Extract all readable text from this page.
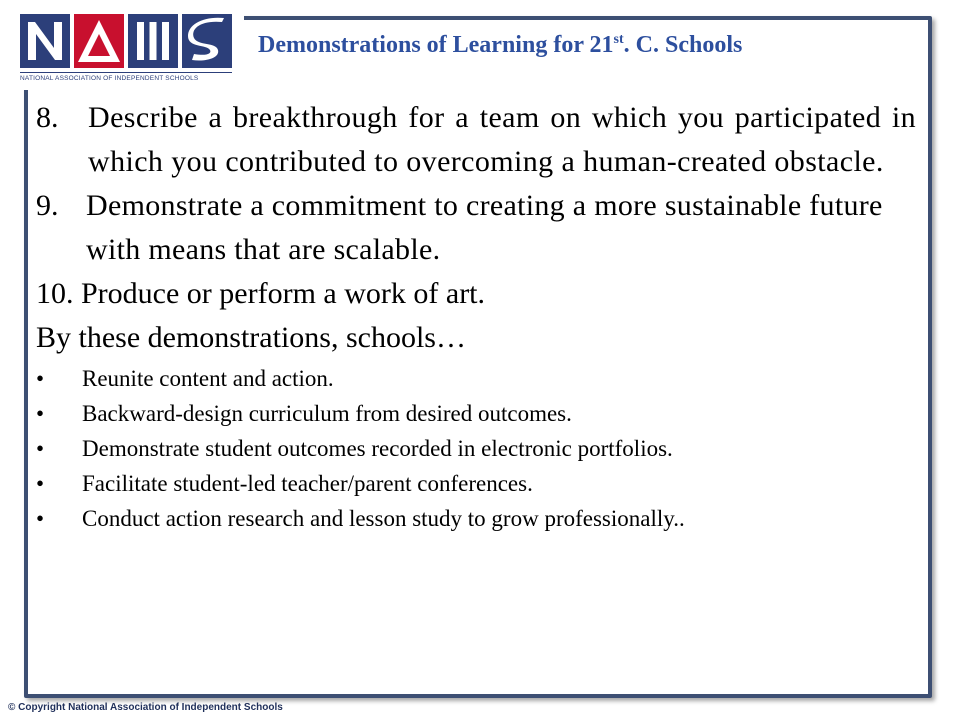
NATIONAL ASSOCIATION OF INDEPENDENT SCHOOLS
Demonstrations of Learning for 21st. C. Schools
8. Describe a breakthrough for a team on which you participated in which you contributed to overcoming a human-created obstacle.
9. Demonstrate a commitment to creating a more sustainable future with means that are scalable.
10. Produce or perform a work of art.
By these demonstrations, schools…
•	Reunite content and action.
•	Backward-design curriculum from desired outcomes.
•	Demonstrate student outcomes recorded in electronic portfolios.
•	Facilitate student-led teacher/parent conferences.
•	Conduct action research and lesson study to grow professionally..
© Copyright National Association of Independent Schools
